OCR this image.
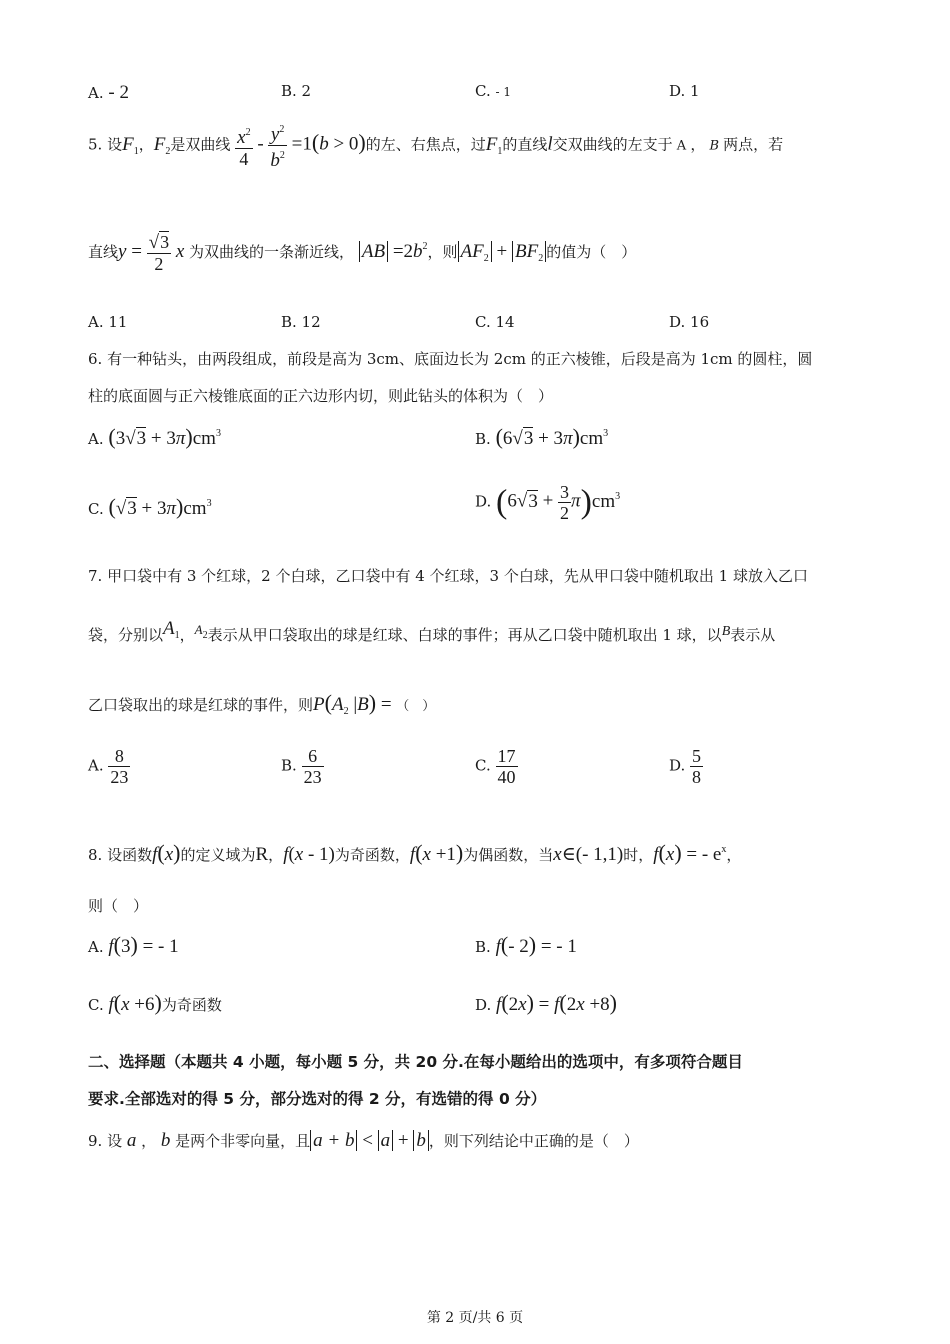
A. - 2	B. 2	C. - 1	D. 1
5. 设$F_1$，$F_2$是双曲线 $\frac{x^2}{4} - \frac{y^2}{b^2} =1(b > 0)$的左、右焦点，过$F_1$的直线l交双曲线的左支于 A ， B 两点，若
直线$y = \frac{√3}{2}$ x 为双曲线的一条渐近线， AB $=2b^2$，则 $AF_2 + BF_2$ 的值为（　）
A. 11	B. 12	C. 14	D. 16
6. 有一种钻头，由两段组成，前段是高为 3cm、底面边长为 2cm 的正六棱锥，后段是高为 1cm 的圆柱，圆
柱的底面圆与正六棱锥底面的正六边形内切，则此钻头的体积为（　）
A. $(3√3 + 3\pi)cm^3$	B. $(6√3 + 3\pi)cm^3$
C. $(√3 + 3\pi)cm^3$	D. $(6√3 + \frac{3}{2} \pi)cm^3$
7. 甲口袋中有 3 个红球，2 个白球，乙口袋中有 4 个红球，3 个白球，先从甲口袋中随机取出 1 球放入乙口
袋，分别以$A_1$，$A_2$表示从甲口袋取出的球是红球、白球的事件；再从乙口袋中随机取出 1 球，以B表示从
乙口袋取出的球是红球的事件，则$P(A_2$ |B) = （　）
A. $\frac{8}{23}$	B. $\frac{6}{23}$	C. $\frac{17}{40}$	D. $\frac{5}{8}$
8. 设函数f(x)的定义域为R，f(x - 1)为奇函数，f(x +1)为偶函数，当x∈(- 1,1)时，f(x) = - $e^x$，
则（　）
A. f(3) = - 1	B. f(- 2) = - 1
C. f(x +6)为奇函数	D. f(2x) = f(2x +8)
二、选择题（本题共 4 小题，每小题 5 分，共 20 分.在每小题给出的选项中，有多项符合题目
要求.全部选对的得 5 分，部分选对的得 2 分，有选错的得 0 分）
9. 设 a ， b 是两个非零向量，且 a + b < a + b ，则下列结论中正确的是（　）
第 2 页/共 6 页
